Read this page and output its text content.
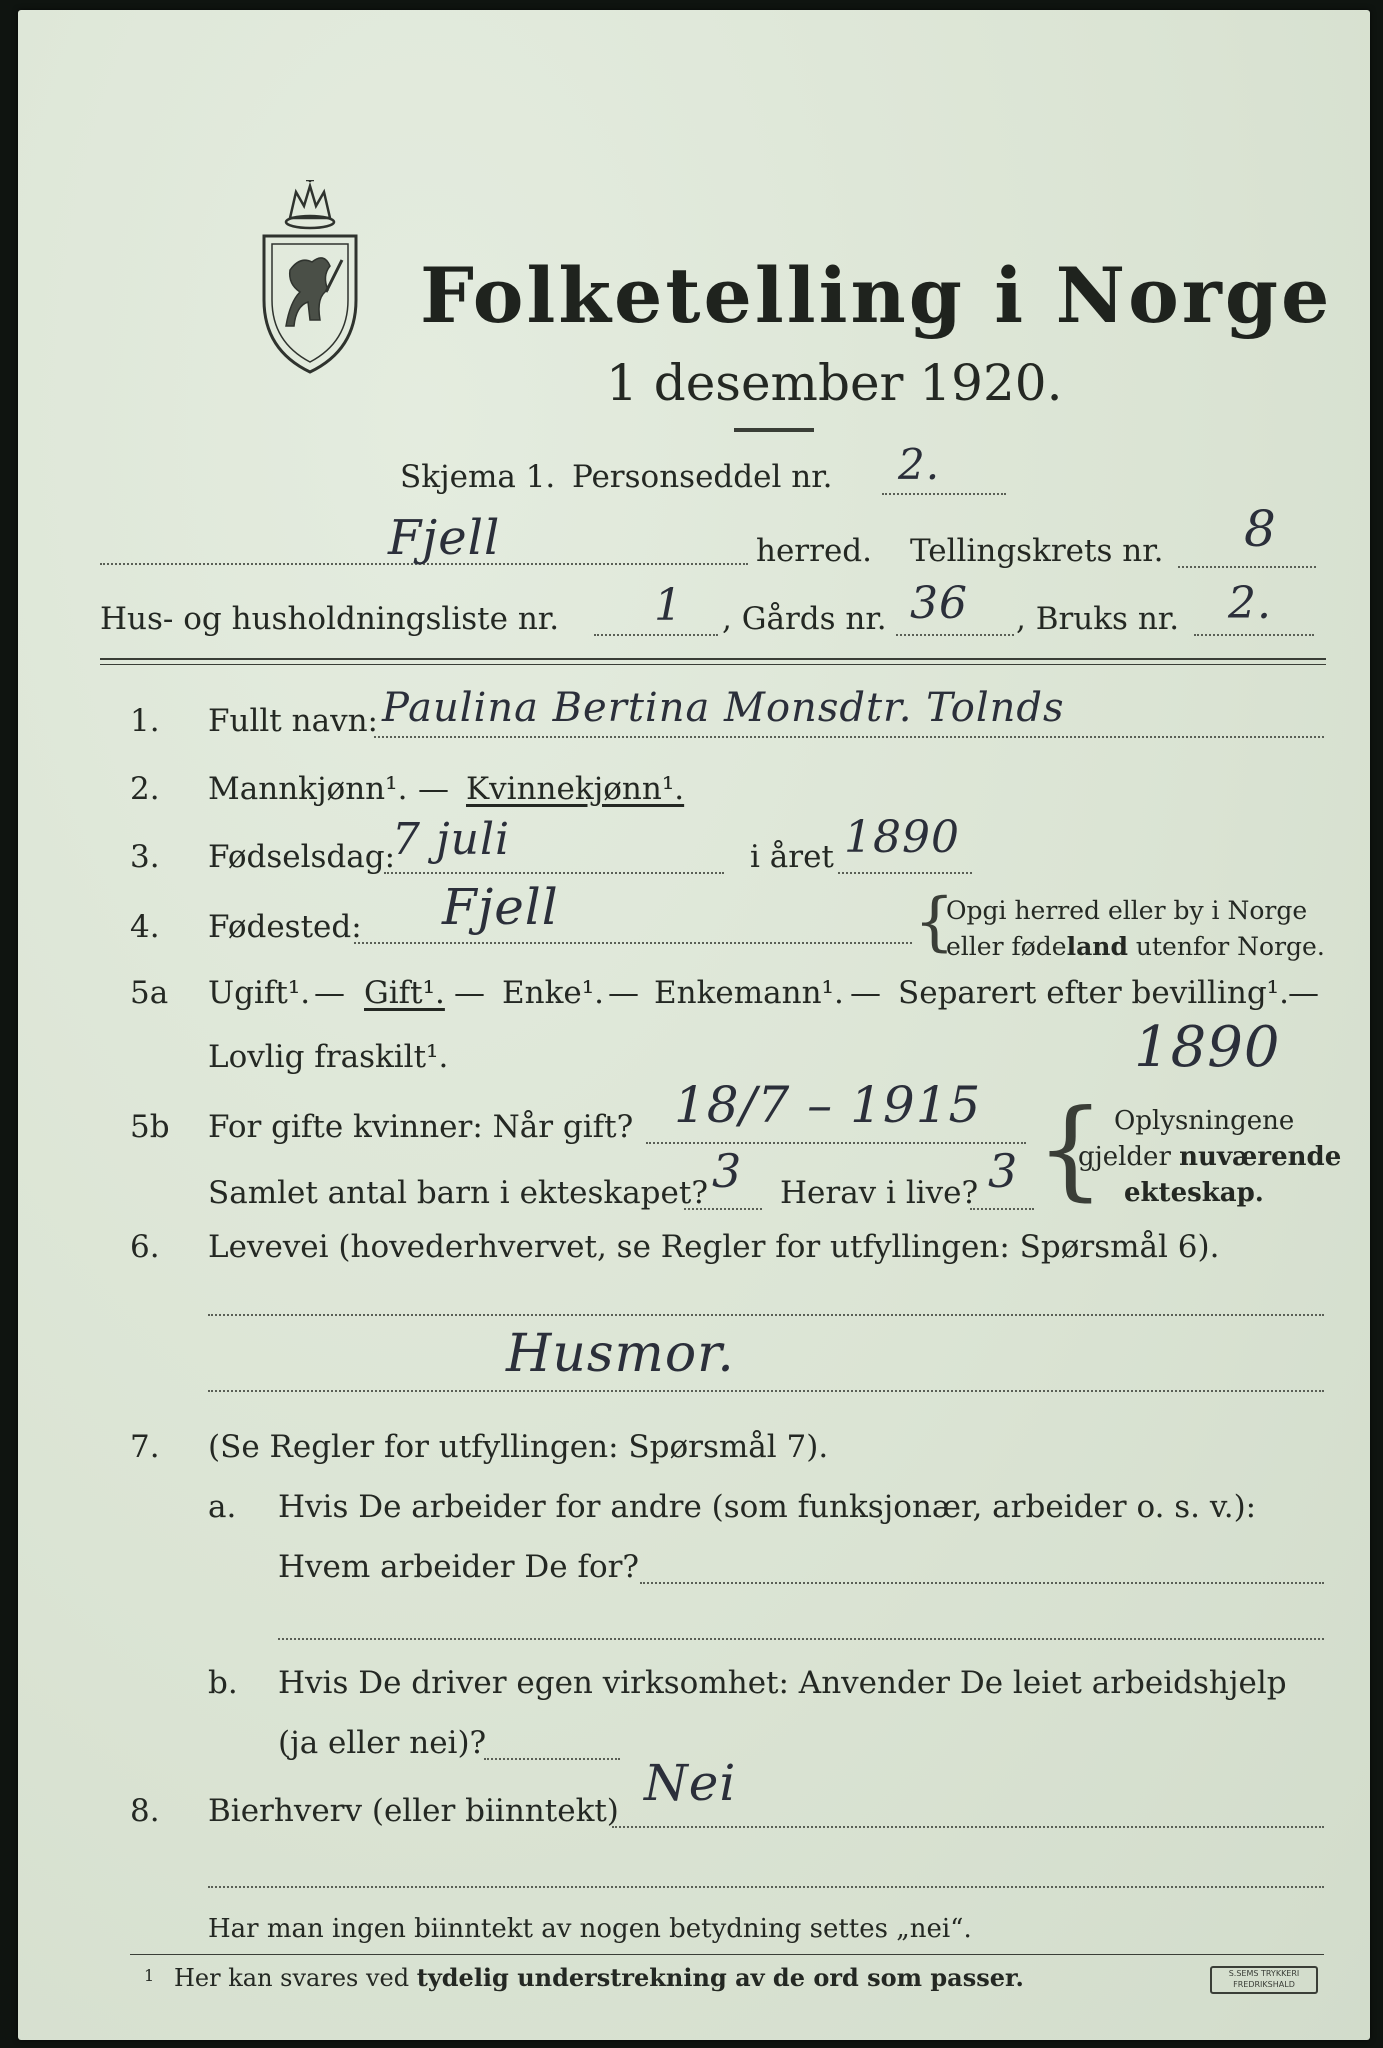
Folketelling i Norge
1 desember 1920.
Skjema 1. Personseddel nr. 2.
Fjell	herred. Tellingskrets nr. 8
Hus- og husholdningsliste nr. 1 , Gårds nr. 36 , Bruks nr. 2.
1. Fullt navn: Paulina Bertina Monsdtr. Tolnds
2. Mannkjønn¹. — Kvinnekjønn¹.
3. Fødselsdag:
7 juli	i året 1890
4. Fødested: Fjell	{
Opgi herred eller by i Norge
eller fødeland utenfor Norge.
5a Ugift¹. — Gift¹. — Enke¹. — Enkemann¹. — Separert efter bevilling¹. —
Lovlig fraskilt¹.
5b For gifte kvinner: Når gift? 18/7 – 1915
1890
Samlet antal barn i ekteskapet? 3 Herav i live? 3 { Oplysningene
gjelder nuværende
ekteskap.
6. Levevei (hovederhvervet, se Regler for utfyllingen: Spørsmål 6).
Husmor.
7. (Se Regler for utfyllingen: Spørsmål 7).
a. Hvis De arbeider for andre (som funksjonær, arbeider o. s. v.):
Hvem arbeider De for?
b. Hvis De driver egen virksomhet: Anvender De leiet arbeidshjelp
(ja eller nei)?
8. Bierhverv (eller biinntekt) Nei
Har man ingen biinntekt av nogen betydning settes „nei“.
1 Her kan svares ved tydelig understrekning av de ord som passer.	S.SEMS TRYKKERI
FREDRIKSHALD
